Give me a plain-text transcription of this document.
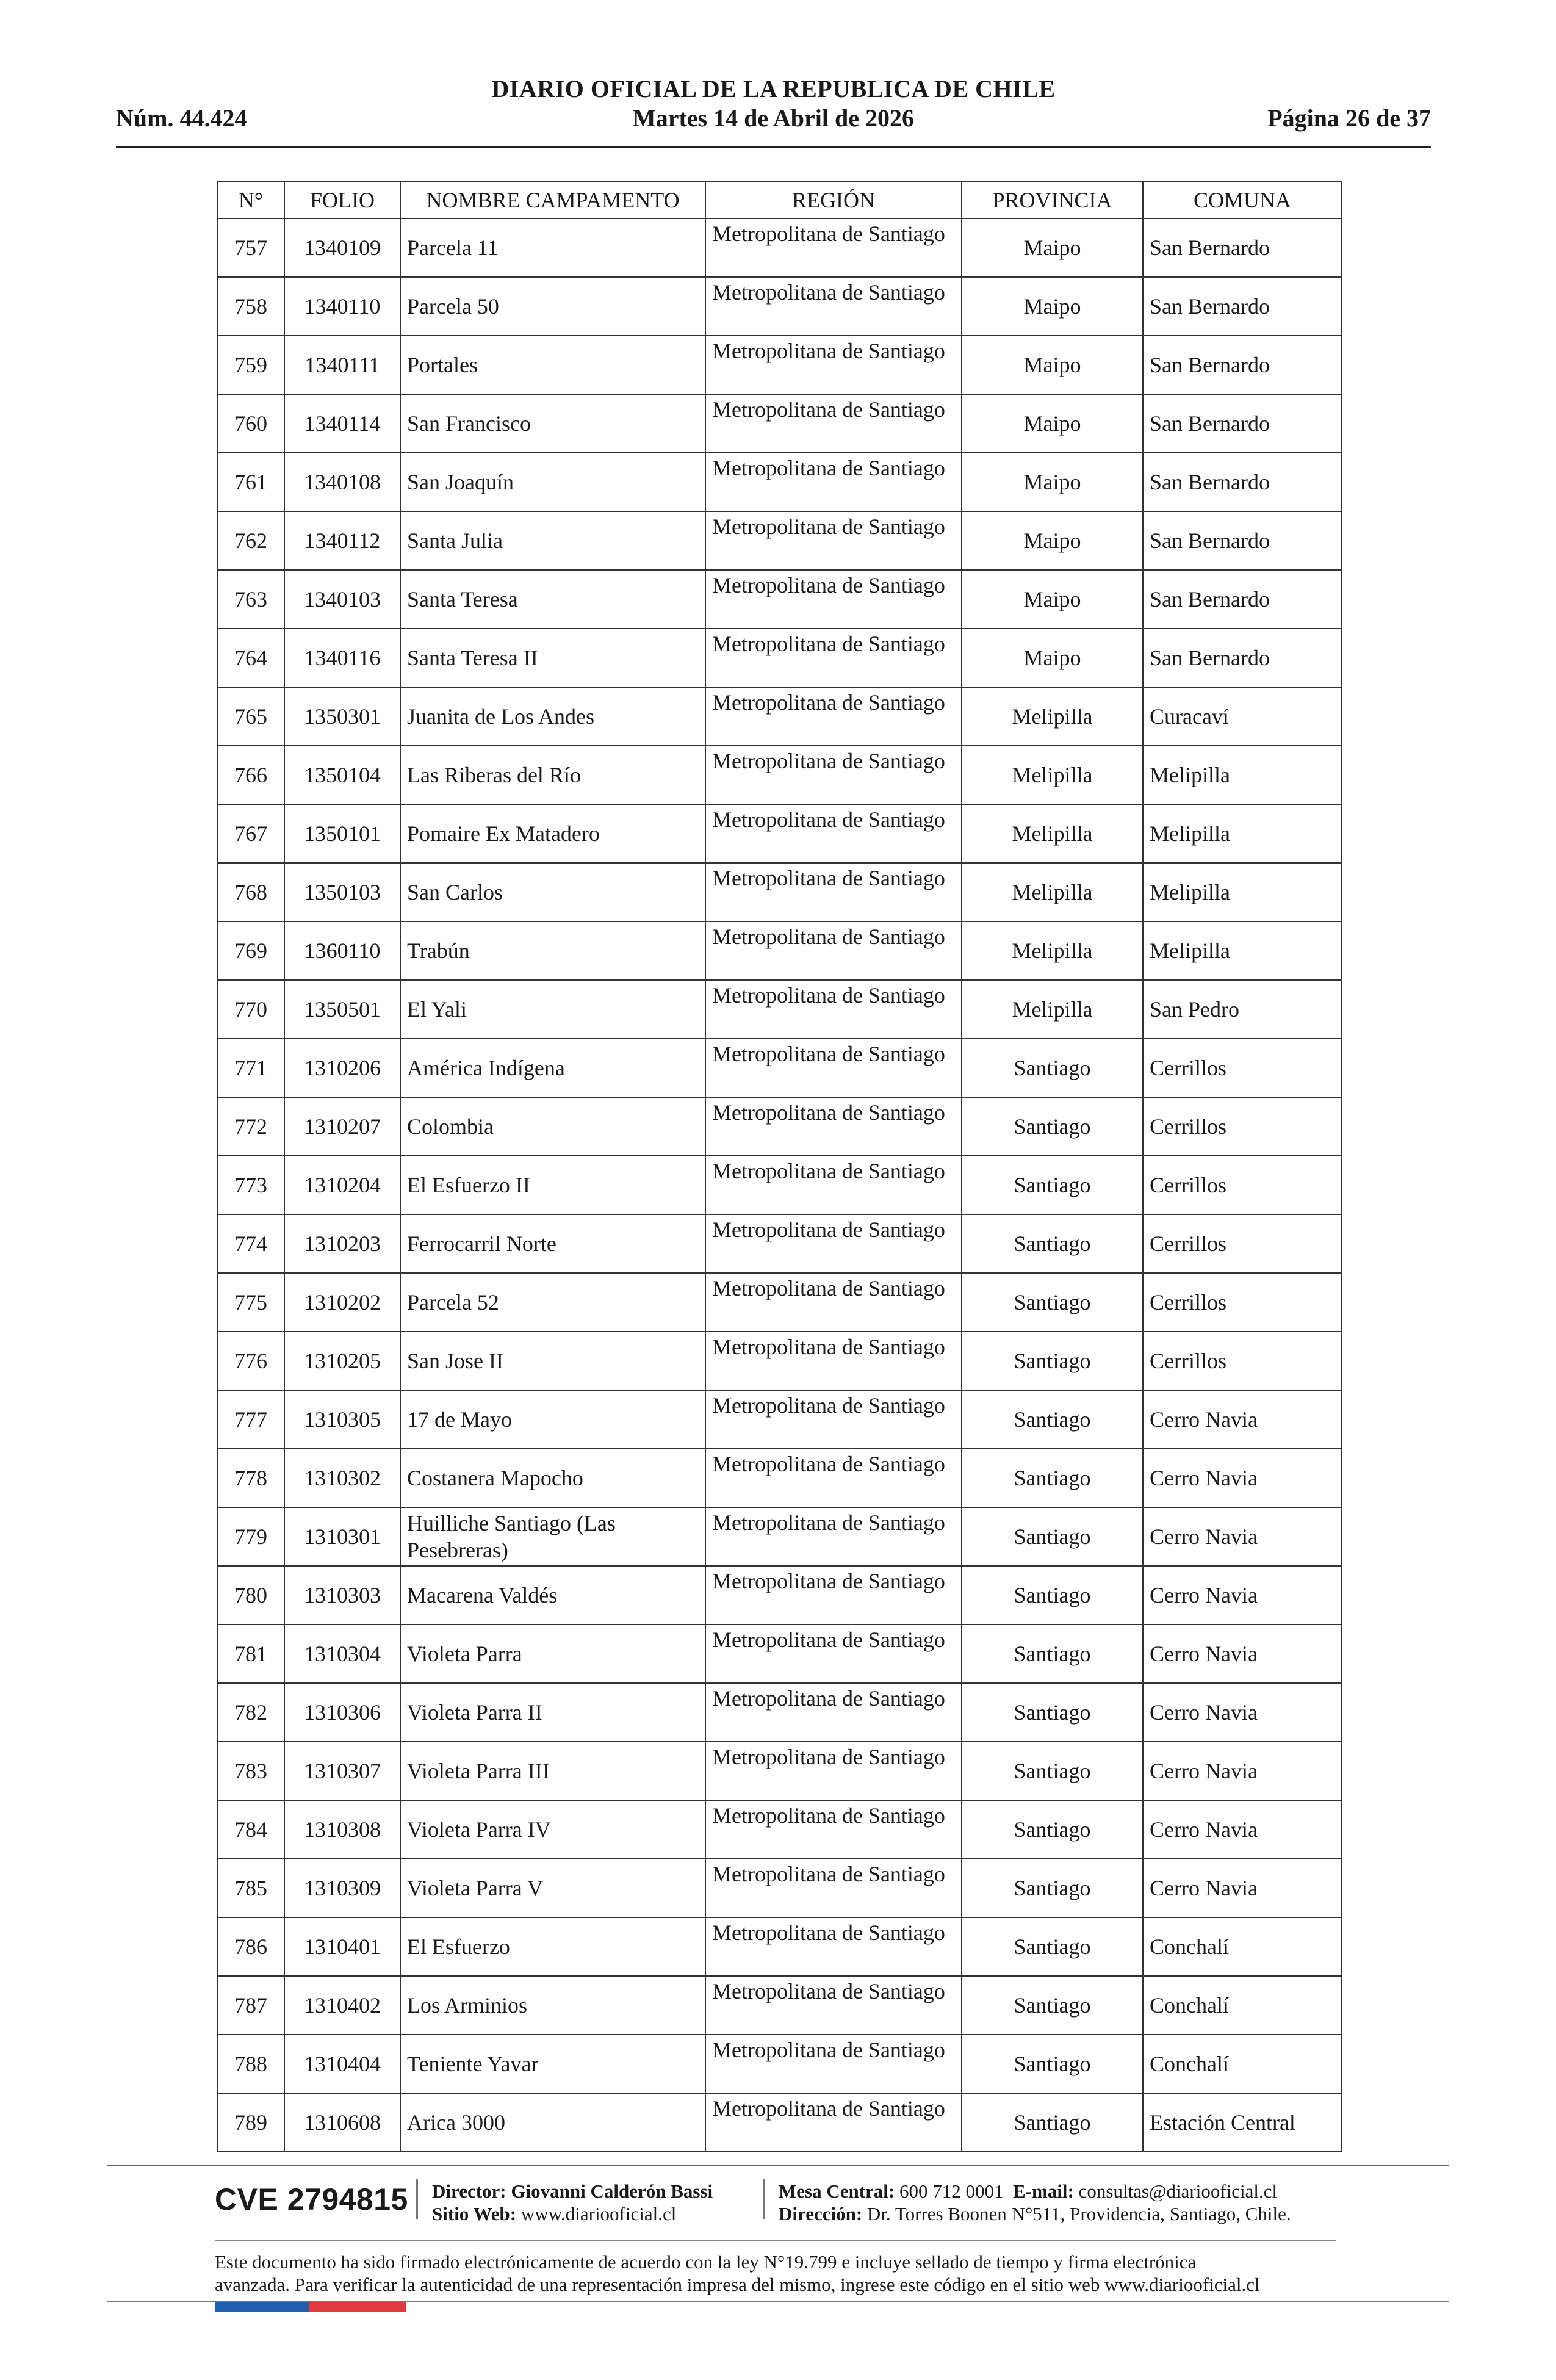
DIARIO OFICIAL DE LA REPUBLICA DE CHILE
Núm. 44.424	Martes 14 de Abril de 2026	Página 26 de 37
N°	FOLIO	NOMBRE CAMPAMENTO	REGIÓN	PROVINCIA	COMUNA
757	1340109	Parcela 11	Metropolitana de Santiago	Maipo	San Bernardo
758	1340110	Parcela 50	Metropolitana de Santiago	Maipo	San Bernardo
759	1340111	Portales	Metropolitana de Santiago	Maipo	San Bernardo
760	1340114	San Francisco	Metropolitana de Santiago	Maipo	San Bernardo
761	1340108	San Joaquín	Metropolitana de Santiago	Maipo	San Bernardo
762	1340112	Santa Julia	Metropolitana de Santiago	Maipo	San Bernardo
763	1340103	Santa Teresa	Metropolitana de Santiago	Maipo	San Bernardo
764	1340116	Santa Teresa II	Metropolitana de Santiago	Maipo	San Bernardo
765	1350301	Juanita de Los Andes	Metropolitana de Santiago	Melipilla	Curacaví
766	1350104	Las Riberas del Río	Metropolitana de Santiago	Melipilla	Melipilla
767	1350101	Pomaire Ex Matadero	Metropolitana de Santiago	Melipilla	Melipilla
768	1350103	San Carlos	Metropolitana de Santiago	Melipilla	Melipilla
769	1360110	Trabún	Metropolitana de Santiago	Melipilla	Melipilla
770	1350501	El Yali	Metropolitana de Santiago	Melipilla	San Pedro
771	1310206	América Indígena	Metropolitana de Santiago	Santiago	Cerrillos
772	1310207	Colombia	Metropolitana de Santiago	Santiago	Cerrillos
773	1310204	El Esfuerzo II	Metropolitana de Santiago	Santiago	Cerrillos
774	1310203	Ferrocarril Norte	Metropolitana de Santiago	Santiago	Cerrillos
775	1310202	Parcela 52	Metropolitana de Santiago	Santiago	Cerrillos
776	1310205	San Jose II	Metropolitana de Santiago	Santiago	Cerrillos
777	1310305	17 de Mayo	Metropolitana de Santiago	Santiago	Cerro Navia
778	1310302	Costanera Mapocho	Metropolitana de Santiago	Santiago	Cerro Navia
779	1310301	Huilliche Santiago (Las Pesebreras)	Metropolitana de Santiago	Santiago	Cerro Navia
780	1310303	Macarena Valdés	Metropolitana de Santiago	Santiago	Cerro Navia
781	1310304	Violeta Parra	Metropolitana de Santiago	Santiago	Cerro Navia
782	1310306	Violeta Parra II	Metropolitana de Santiago	Santiago	Cerro Navia
783	1310307	Violeta Parra III	Metropolitana de Santiago	Santiago	Cerro Navia
784	1310308	Violeta Parra IV	Metropolitana de Santiago	Santiago	Cerro Navia
785	1310309	Violeta Parra V	Metropolitana de Santiago	Santiago	Cerro Navia
786	1310401	El Esfuerzo	Metropolitana de Santiago	Santiago	Conchalí
787	1310402	Los Arminios	Metropolitana de Santiago	Santiago	Conchalí
788	1310404	Teniente Yavar	Metropolitana de Santiago	Santiago	Conchalí
789	1310608	Arica 3000	Metropolitana de Santiago	Santiago	Estación Central
CVE 2794815 Director: Giovanni Calderón Bassi
Sitio Web: www.diariooficial.cl
Mesa Central: 600 712 0001 E-mail: consultas@diariooficial.cl
Dirección: Dr. Torres Boonen N°511, Providencia, Santiago, Chile.
Este documento ha sido firmado electrónicamente de acuerdo con la ley N°19.799 e incluye sellado de tiempo y firma electrónica
avanzada. Para verificar la autenticidad de una representación impresa del mismo, ingrese este código en el sitio web www.diariooficial.cl
